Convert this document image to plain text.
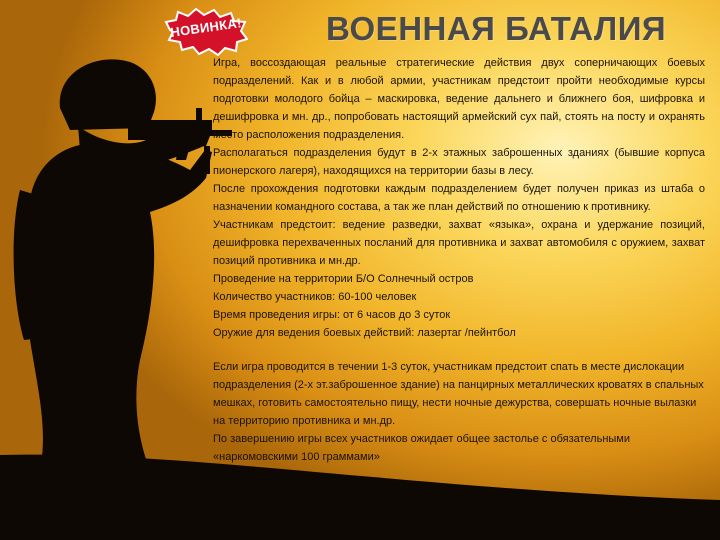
НОВИНКА!	ВОЕННАЯ БАТАЛИЯ

Игра, воссоздающая реальные стратегические действия двух соперничающих боевых подразделений. Как и в любой армии, участникам предстоит пройти необходимые курсы подготовки молодого бойца – маскировка, ведение дальнего и ближнего боя, шифровка и дешифровка и мн. др., попробовать настоящий армейский сух пай, стоять на посту и охранять место расположения подразделения.

Располагаться подразделения будут в 2-х этажных заброшенных зданиях (бывшие корпуса пионерского лагеря), находящихся на территории базы в лесу.

После прохождения подготовки каждым подразделением будет получен приказ из штаба о назначении командного состава, а так же план действий по отношению к противнику.

Участникам предстоит: ведение разведки, захват «языка», охрана и удержание позиций, дешифровка перехваченных посланий для противника и захват автомобиля с оружием, захват позиций противника и мн.др.

Проведение на территории Б/О Солнечный остров

Количество участников: 60-100 человек

Время проведения игры: от 6 часов до 3 суток

Оружие для ведения боевых действий: лазертаг /пейнтбол

Если игра проводится в течении 1-3 суток, участникам предстоит спать в месте дислокации подразделения (2-х эт.заброшенное здание) на панцирных металлических кроватях в спальных мешках, готовить самостоятельно пищу, нести ночные дежурства, совершать ночные вылазки на территорию противника и мн.др.

По завершению игры всех участников ожидает общее застолье с обязательными «наркомовскими 100 граммами»
